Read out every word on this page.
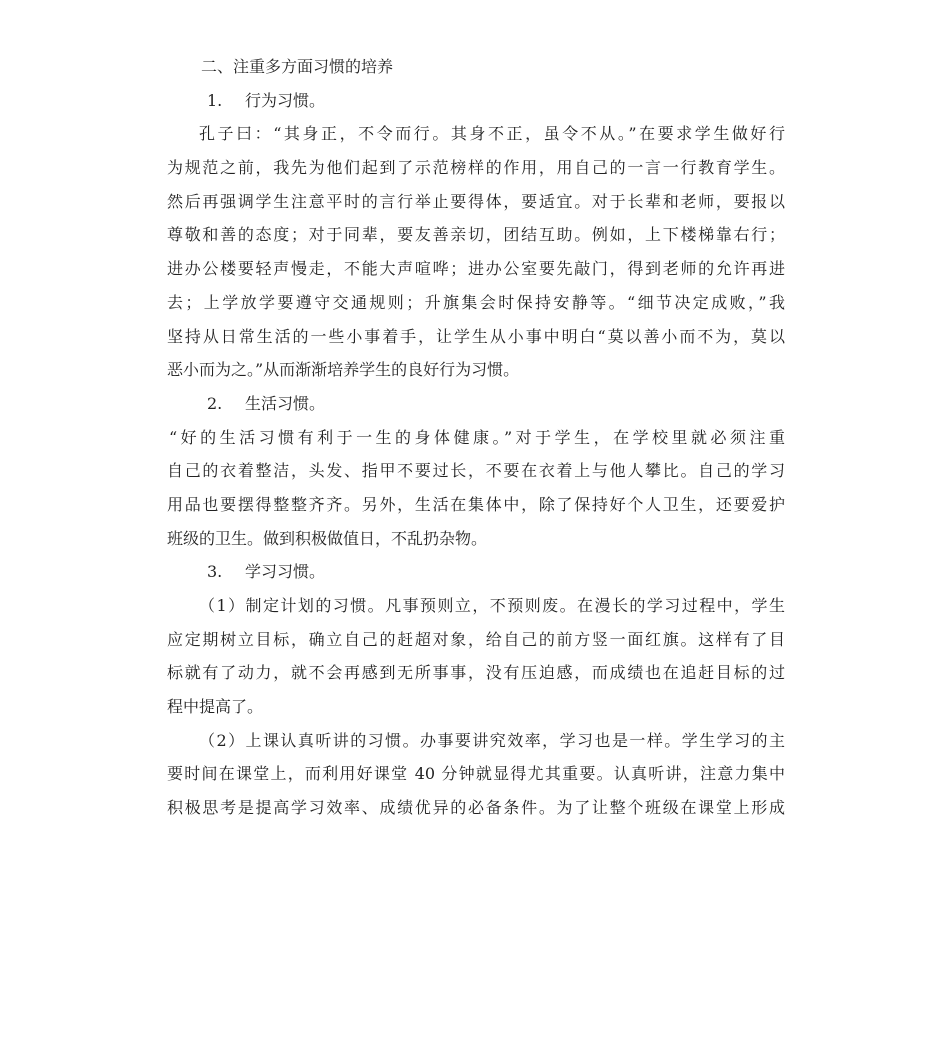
二、注重多方面习惯的培养
1. 行为习惯。
孔子曰：“其身正，不令而行。其身不正，虽令不从。”在要求学生做好行
为规范之前，我先为他们起到了示范榜样的作用，用自己的一言一行教育学生。
然后再强调学生注意平时的言行举止要得体，要适宜。对于长辈和老师，要报以
尊敬和善的态度；对于同辈，要友善亲切，团结互助。例如，上下楼梯靠右行；
进办公楼要轻声慢走，不能大声喧哗；进办公室要先敲门，得到老师的允许再进
去；上学放学要遵守交通规则；升旗集会时保持安静等。“细节决定成败，”我
坚持从日常生活的一些小事着手，让学生从小事中明白“莫以善小而不为，莫以
恶小而为之。”从而渐渐培养学生的良好行为习惯。
2. 生活习惯。
“好的生活习惯有利于一生的身体健康。”对于学生，在学校里就必须注重
自己的衣着整洁，头发、指甲不要过长，不要在衣着上与他人攀比。自己的学习
用品也要摆得整整齐齐。另外，生活在集体中，除了保持好个人卫生，还要爱护
班级的卫生。做到积极做值日，不乱扔杂物。
3. 学习习惯。
（1）制定计划的习惯。凡事预则立，不预则废。在漫长的学习过程中，学生
应定期树立目标，确立自己的赶超对象，给自己的前方竖一面红旗。这样有了目
标就有了动力，就不会再感到无所事事，没有压迫感，而成绩也在追赶目标的过
程中提高了。
（2）上课认真听讲的习惯。办事要讲究效率，学习也是一样。学生学习的主
要时间在课堂上，而利用好课堂 40 分钟就显得尤其重要。认真听讲，注意力集中
积极思考是提高学习效率、成绩优异的必备条件。为了让整个班级在课堂上形成
